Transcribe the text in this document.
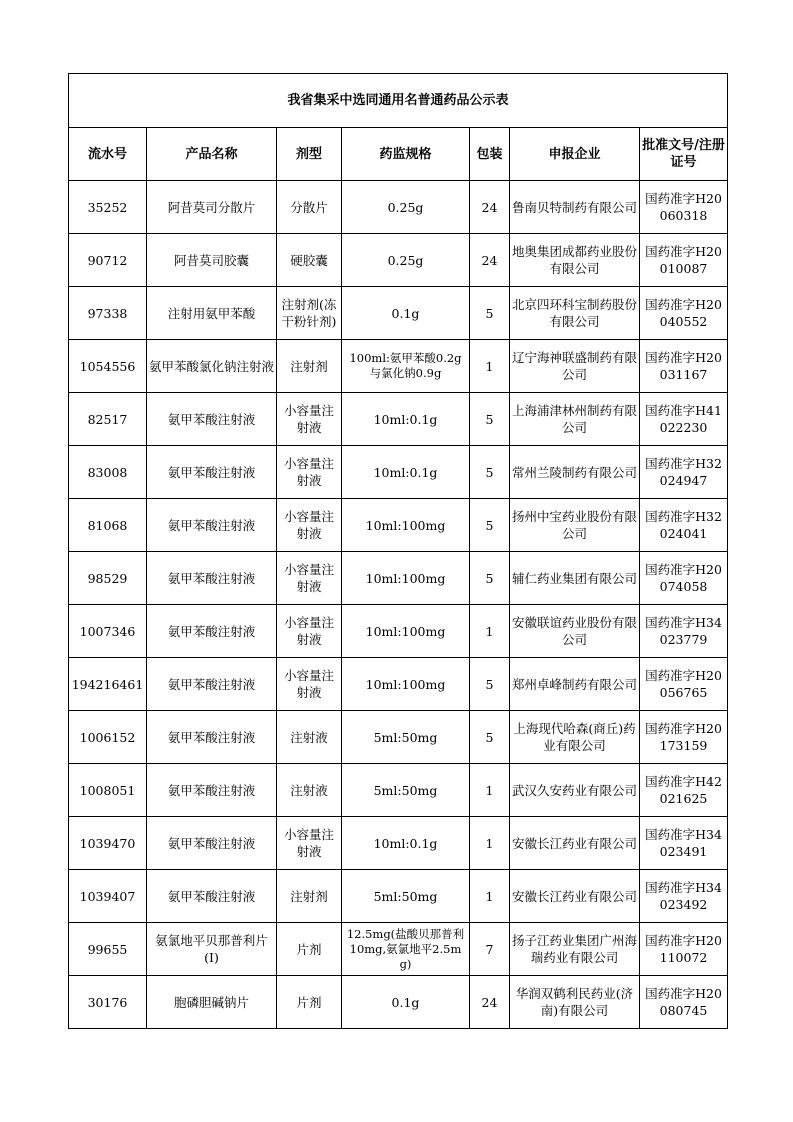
我省集采中选同通用名普通药品公示表						
流水号	产品名称	剂型	药监规格	包装	申报企业	批准文号/注册证号
35252	阿昔莫司分散片	分散片	0.25g	24	鲁南贝特制药有限公司	国药准字H20060318
90712	阿昔莫司胶囊	硬胶囊	0.25g	24	地奥集团成都药业股份有限公司	国药准字H20010087
97338	注射用氨甲苯酸	注射剂(冻干粉针剂)	0.1g	5	北京四环科宝制药股份有限公司	国药准字H20040552
1054556	氨甲苯酸氯化钠注射液	注射剂	100ml:氨甲苯酸0.2g与氯化钠0.9g	1	辽宁海神联盛制药有限公司	国药准字H20031167
82517	氨甲苯酸注射液	小容量注射液	10ml:0.1g	5	上海浦津林州制药有限公司	国药准字H41022230
83008	氨甲苯酸注射液	小容量注射液	10ml:0.1g	5	常州兰陵制药有限公司	国药准字H32024947
81068	氨甲苯酸注射液	小容量注射液	10ml:100mg	5	扬州中宝药业股份有限公司	国药准字H32024041
98529	氨甲苯酸注射液	小容量注射液	10ml:100mg	5	辅仁药业集团有限公司	国药准字H20074058
1007346	氨甲苯酸注射液	小容量注射液	10ml:100mg	1	安徽联谊药业股份有限公司	国药准字H34023779
194216461	氨甲苯酸注射液	小容量注射液	10ml:100mg	5	郑州卓峰制药有限公司	国药准字H20056765
1006152	氨甲苯酸注射液	注射液	5ml:50mg	5	上海现代哈森(商丘)药业有限公司	国药准字H20173159
1008051	氨甲苯酸注射液	注射液	5ml:50mg	1	武汉久安药业有限公司	国药准字H42021625
1039470	氨甲苯酸注射液	小容量注射液	10ml:0.1g	1	安徽长江药业有限公司	国药准字H34023491
1039407	氨甲苯酸注射液	注射剂	5ml:50mg	1	安徽长江药业有限公司	国药准字H34023492
99655	氨氯地平贝那普利片(Ⅰ)	片剂	12.5mg(盐酸贝那普利10mg,氨氯地平2.5mg)	7	扬子江药业集团广州海瑞药业有限公司	国药准字H20110072
30176	胞磷胆碱钠片	片剂	0.1g	24	华润双鹤利民药业(济南)有限公司	国药准字H20080745
